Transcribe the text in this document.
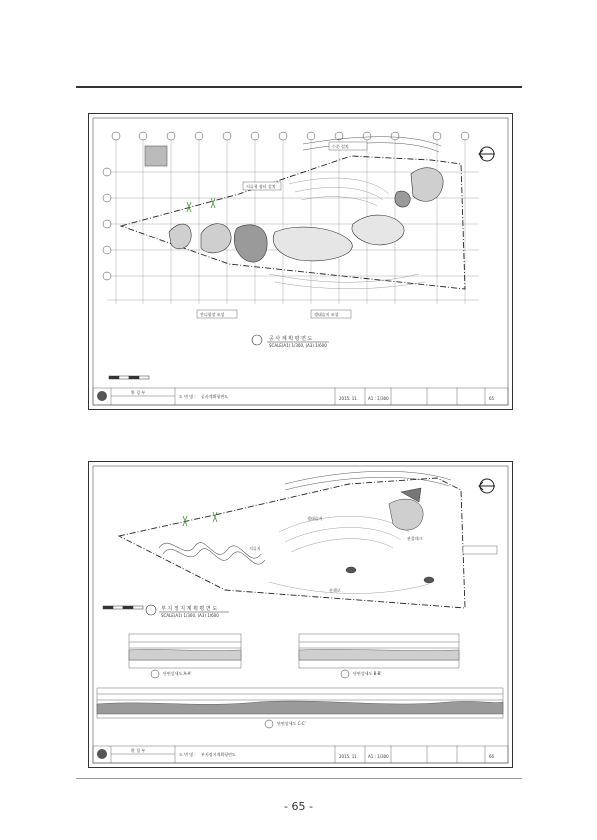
저류형 쉼터 설치
수문 설치
잔디광장 조성	생태습지 조성
공 사 계 획 평 면 도
SCALE(A1) 1/300, (A3) 1/600
환 경 부
도 면 명 : 공사계획평면도	2015. 11. A1 : 1/300	65
생태습지
저류지
관찰데크
산책로
부 지 정 지 계 획 평 면 도
SCALE(A1) 1/300, (A3) 1/600
단면상세도 A-A'	단면상세도 B-B'
단면상세도 C-C'
환 경 부
도 면 명 : 부지정지계획평면도	2015. 11. A1 : 1/300	66
- 65 -
